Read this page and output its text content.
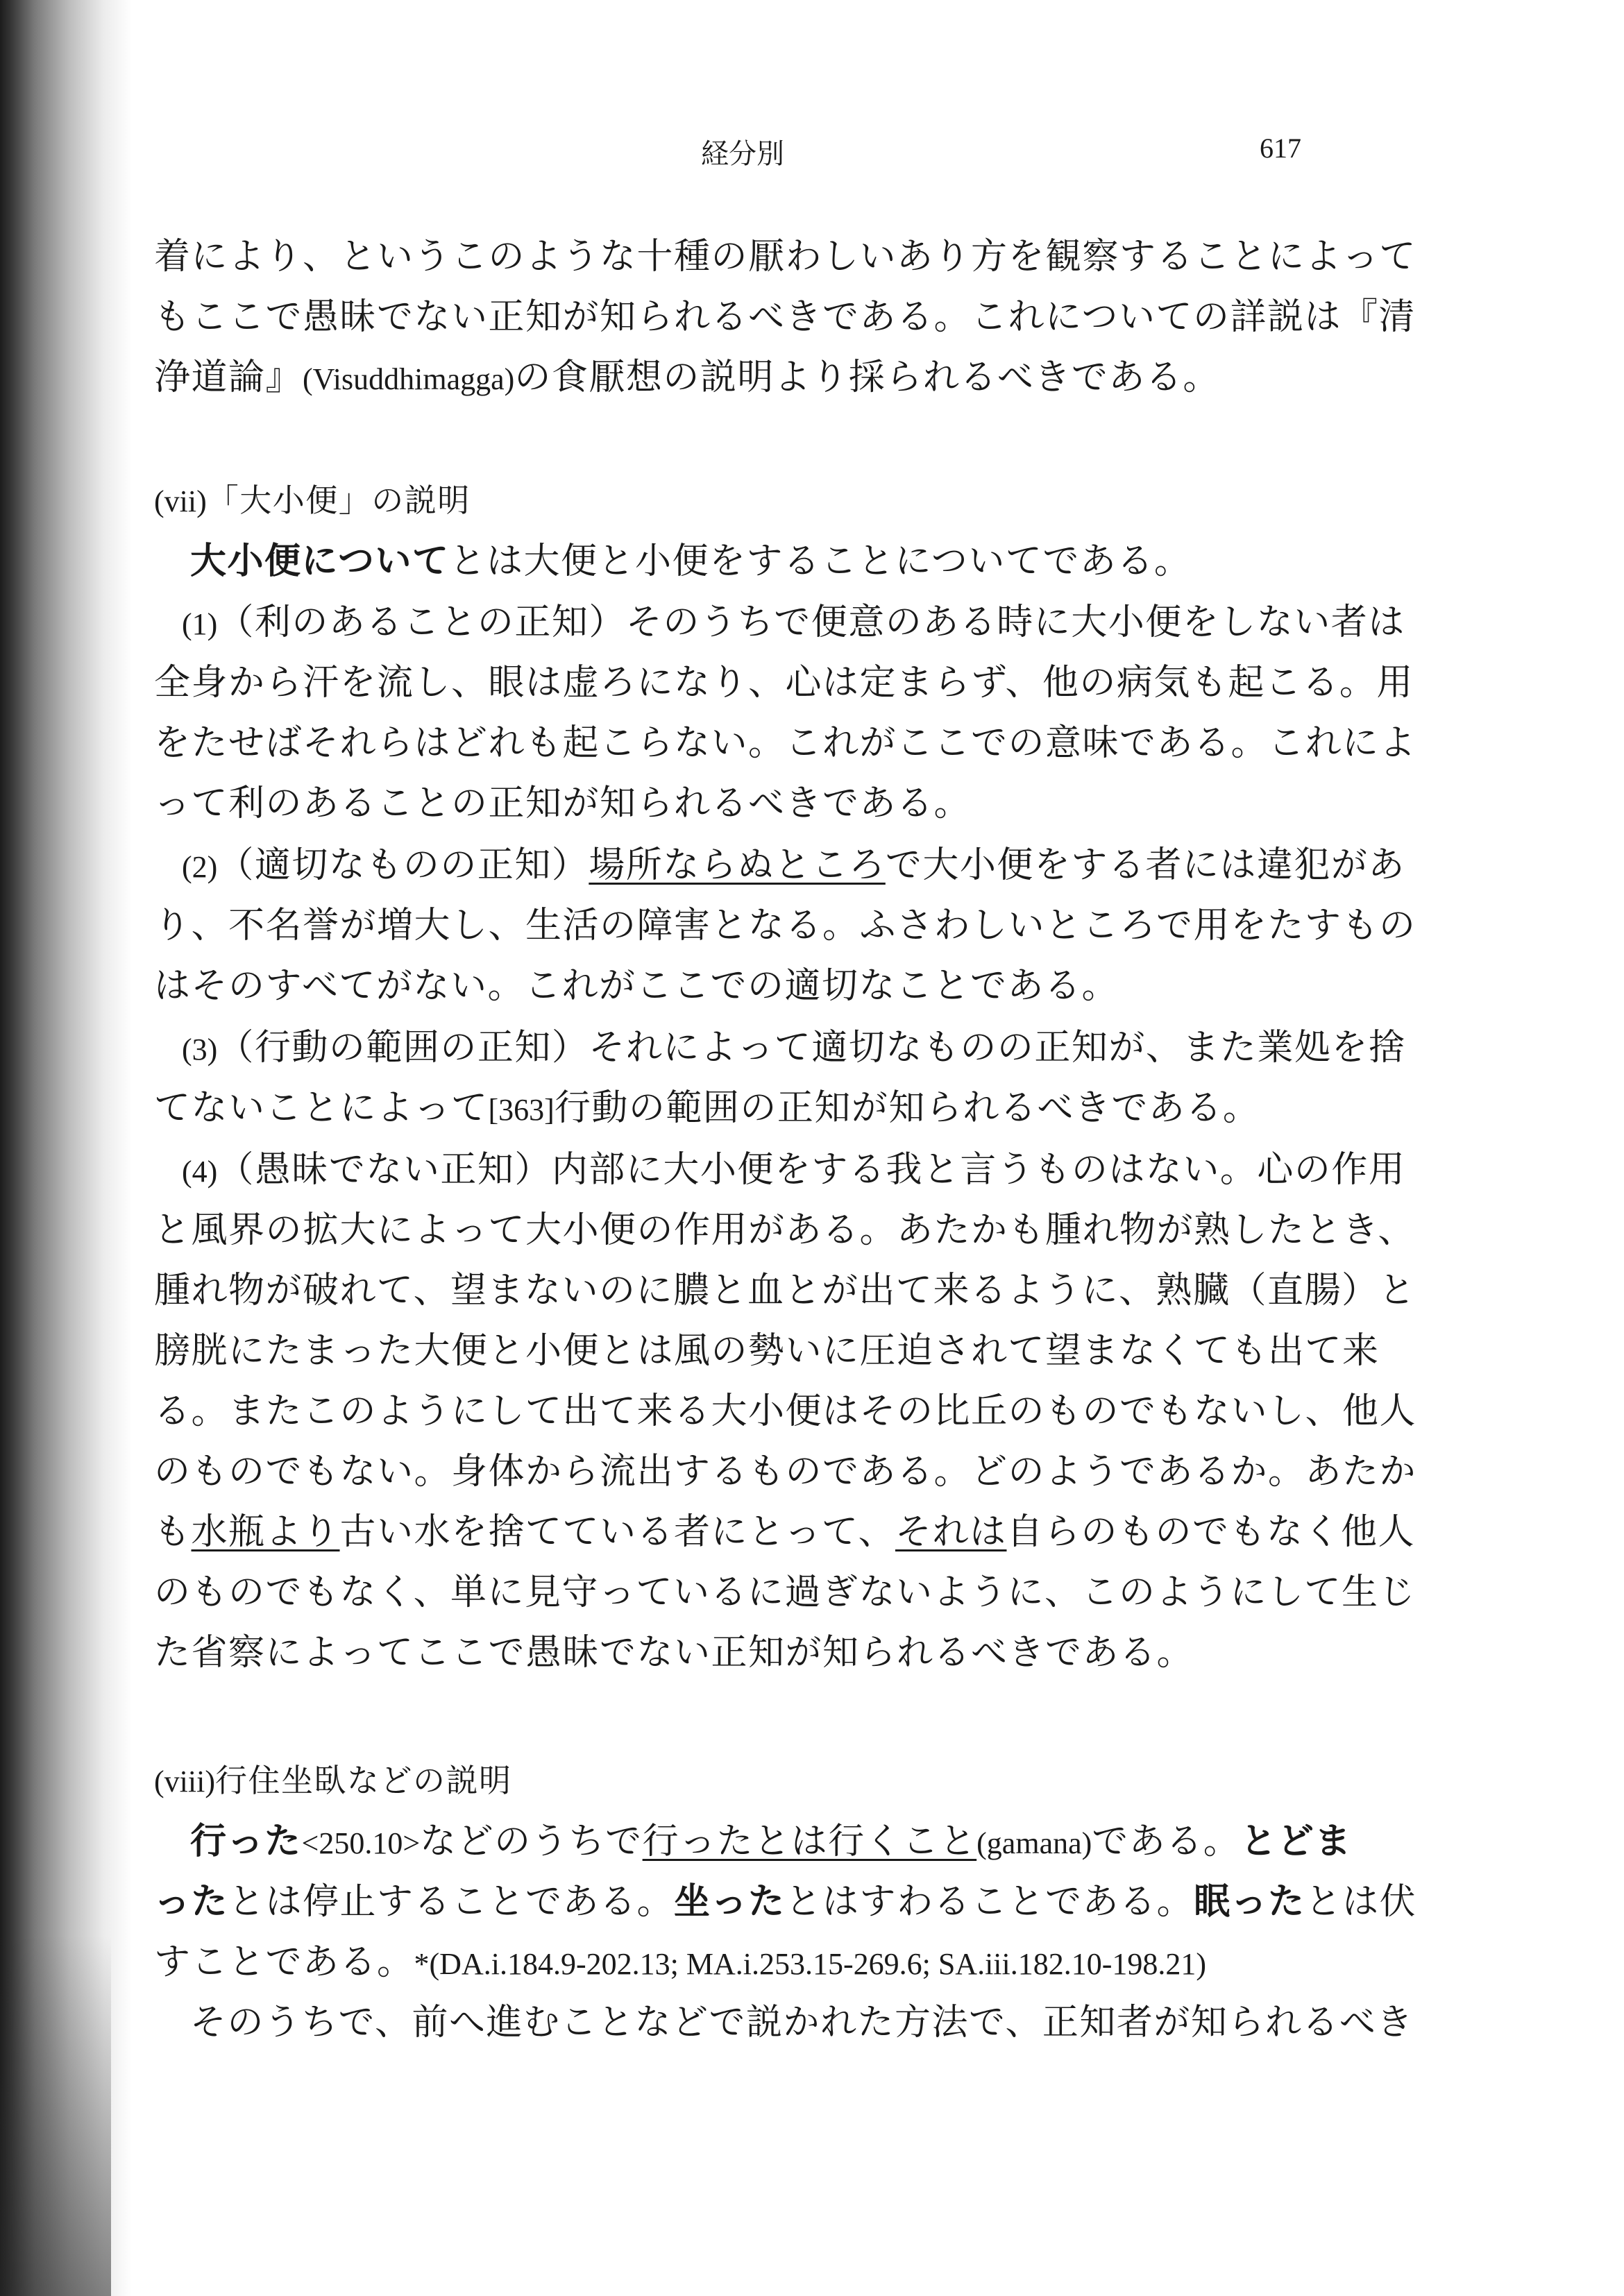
経分別	617
着により、というこのような十種の厭わしいあり方を観察することによって
もここで愚昧でない正知が知られるべきである。これについての詳説は『清
浄道論』(Visuddhimagga)の食厭想の説明より採られるべきである。
(vii)「大小便」の説明
大小便についてとは大便と小便をすることについてである。
(1)（利のあることの正知）そのうちで便意のある時に大小便をしない者は
全身から汗を流し、眼は虚ろになり、心は定まらず、他の病気も起こる。用
をたせばそれらはどれも起こらない。これがここでの意味である。これによ
って利のあることの正知が知られるべきである。
(2)（適切なものの正知）場所ならぬところで大小便をする者には違犯があ
り、不名誉が増大し、生活の障害となる。ふさわしいところで用をたすもの
はそのすべてがない。これがここでの適切なことである。
(3)（行動の範囲の正知）それによって適切なものの正知が、また業処を捨
てないことによって[363]行動の範囲の正知が知られるべきである。
(4)（愚昧でない正知）内部に大小便をする我と言うものはない。心の作用
と風界の拡大によって大小便の作用がある。あたかも腫れ物が熟したとき、
腫れ物が破れて、望まないのに膿と血とが出て来るように、熟臓（直腸）と
膀胱にたまった大便と小便とは風の勢いに圧迫されて望まなくても出て来
る。またこのようにして出て来る大小便はその比丘のものでもないし、他人
のものでもない。身体から流出するものである。どのようであるか。あたか
も水瓶より古い水を捨てている者にとって、それは自らのものでもなく他人
のものでもなく、単に見守っているに過ぎないように、このようにして生じ
た省察によってここで愚昧でない正知が知られるべきである。
(viii)行住坐臥などの説明
行った<250.10>などのうちで行ったとは行くこと(gamana)である。とどま
ったとは停止することである。坐ったとはすわることである。眠ったとは伏
すことである。*(DA.i.184.9-202.13; MA.i.253.15-269.6; SA.iii.182.10-198.21)
そのうちで、前へ進むことなどで説かれた方法で、正知者が知られるべき
